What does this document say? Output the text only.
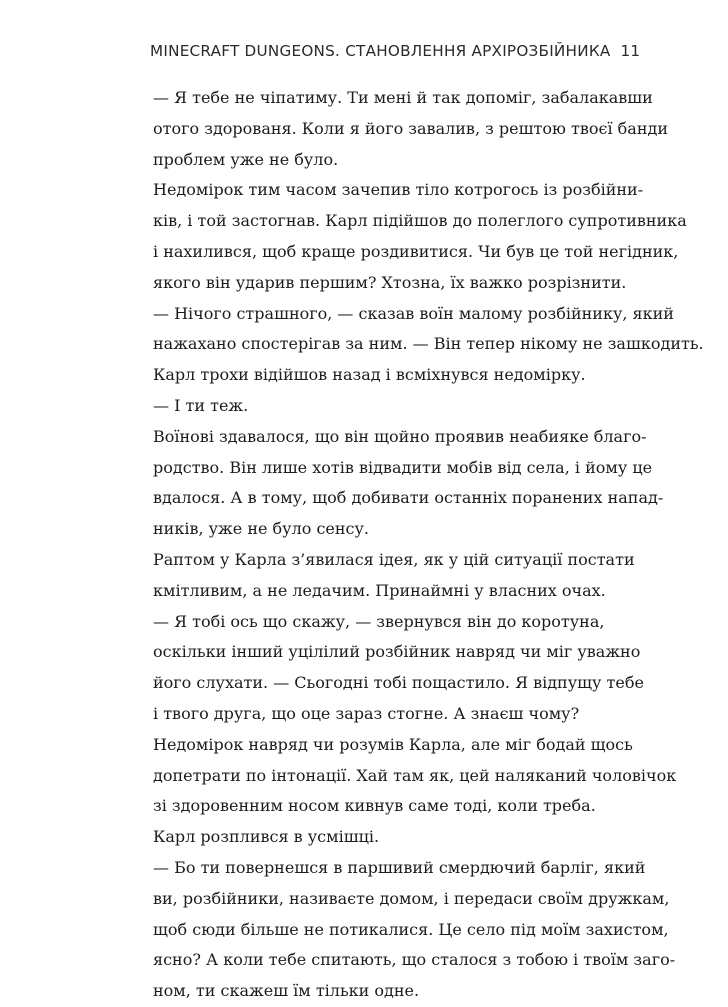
MINECRAFT DUNGEONS. СТАНОВЛЕННЯ АРХІРОЗБІЙНИКА 11

— Я тебе не чіпатиму. Ти мені й так допоміг, забалакавши
отого здорованя. Коли я його завалив, з рештою твоєї банди
проблем уже не було.

Недомірок тим часом зачепив тіло котрогось із розбійни-
ків, і той застогнав. Карл підійшов до полеглого супротивника
і нахилився, щоб краще роздивитися. Чи був це той негідник,
якого він ударив першим? Хтозна, їх важко розрізнити.

— Нічого страшного, — сказав воїн малому розбійнику, який
нажахано спостерігав за ним. — Він тепер нікому не зашкодить.

Карл трохи відійшов назад і всміхнувся недомірку.

— І ти теж.

Воїнові здавалося, що він щойно проявив неабияке благо-
родство. Він лише хотів відвадити мобів від села, і йому це
вдалося. А в тому, щоб добивати останніх поранених напад-
ників, уже не було сенсу.

Раптом у Карла з’явилася ідея, як у цій ситуації постати
кмітливим, а не ледачим. Принаймні у власних очах.

— Я тобі ось що скажу, — звернувся він до коротуна,
оскільки інший уцілілий розбійник навряд чи міг уважно
його слухати. — Сьогодні тобі пощастило. Я відпущу тебе
і твого друга, що оце зараз стогне. А знаєш чому?

Недомірок навряд чи розумів Карла, але міг бодай щось
допетрати по інтонації. Хай там як, цей наляканий чоловічок
зі здоровенним носом кивнув саме тоді, коли треба.

Карл розплився в усмішці.

— Бо ти повернешся в паршивий смердючий барліг, який
ви, розбійники, називаєте домом, і передаси своїм дружкам,
щоб сюди більше не потикалися. Це село під моїм захистом,
ясно? А коли тебе спитають, що сталося з тобою і твоїм заго-
ном, ти скажеш їм тільки одне.
